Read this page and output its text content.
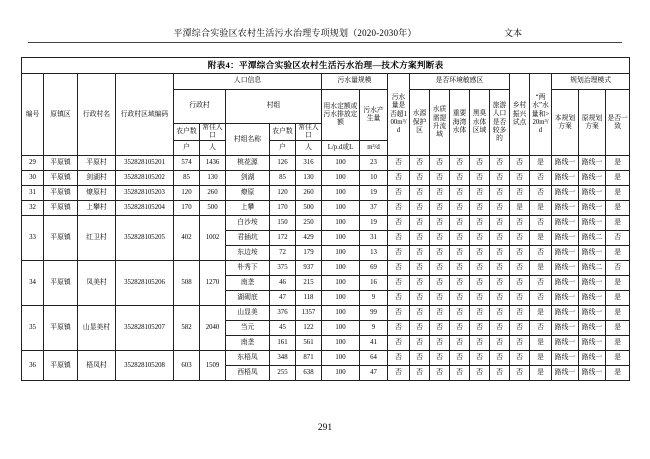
平潭综合实验区农村生活污水治理专项规划（2020-2030年）	文本
附表4：平潭综合实验区农村生活污水治理—技术方案判断表																					
编号	原镇区	行政村名	行政村区域编码	人口信息					污水量规模		污水量是否超100m³/d	是否环境敏感区					乡村振兴试点	“两水”水量和>20m³/d	规划治理模式		
				行政村		村组			用水定额或污水排放定额	污水产生量		水源保护区	水质需提升流域	重要海湾水体	黑臭水体区域	旅游人口是否较多的			本规划方案	原规划方案	是否一致
				农户数	常住人口	村组名称	农户数	常住人口													
				户	人		户	人	L/p.d或L	m³/d											
29	平原镇	平原村	352828105201	574	1436	桃花源	126	316	100	23	否	否	否	否	否	否	否	是	路线一	路线一	是
30	平原镇	剑湖村	352828105202	85	130	剑湖	85	130	100	10	否	否	否	否	否	否	否	否	路线一	路线一	是
31	平原镇	燎原村	352828105203	120	260	燎原	120	260	100	19	否	否	否	否	否	否	否	否	路线一	路线一	是
32	平原镇	上攀村	352828105204	170	500	上攀	170	500	100	37	否	否	否	否	否	否	是	是	路线一	路线一	是
33	平原镇	红卫村	352828105205	402	1002	白沙垵	150	250	100	19	否	否	否	否	否	否	否	否	路线一	路线一	是
						君插坑	172	429	100	31	否	否	否	否	否	否	否	是	路线一	路线二	否
						东边垵	72	179	100	13	否	否	否	否	否	否	否	否	路线一	路线一	是
34	平原镇	凤美村	352828105206	508	1270	朴秀下	375	937	100	69	否	否	否	否	否	否	否	是	路线一	路线二	否
						南垄	46	215	100	16	否	否	否	否	否	否	否	否	路线一	路线一	是
						湖砌底	47	118	100	9	否	否	否	否	否	否	否	否	路线一	路线一	是
35	平原镇	山显美村	352828105207	582	2040	山显美	376	1357	100	99	否	否	否	否	否	否	否	是	路线一	路线一	是
						当元	45	122	100	9	否	否	否	否	否	否	否	否	路线一	路线一	是
						南垄	161	561	100	41	否	否	否	否	否	否	否	是	路线一	路线一	是
36	平原镇	梧凤村	352828105208	603	1509	东梧凤	348	871	100	64	否	否	否	否	否	否	否	是	路线一	路线一	是
						西梧凤	255	638	100	47	否	否	否	否	否	否	否	是	路线一	路线一	是
291
